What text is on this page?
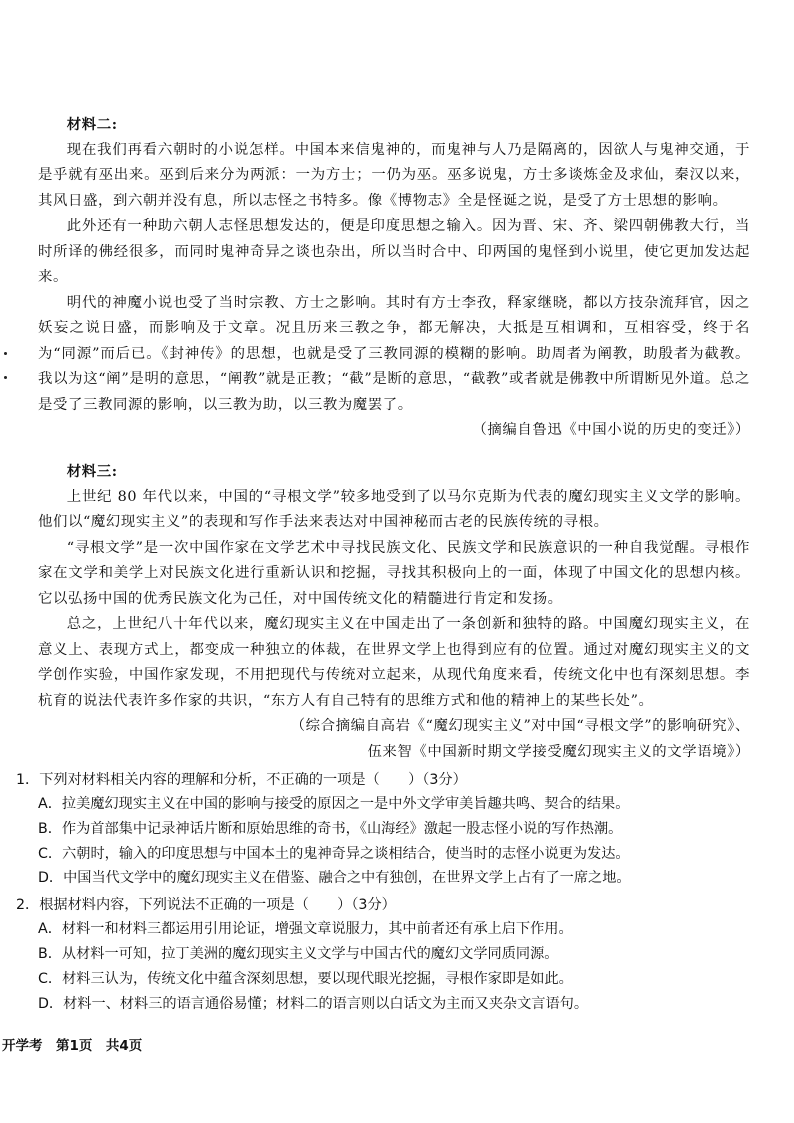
材料二:

现在我们再看六朝时的小说怎样。中国本来信鬼神的，而鬼神与人乃是隔离的，因欲人与鬼神交通，于是乎就有巫出来。巫到后来分为两派：一为方士；一仍为巫。巫多说鬼，方士多谈炼金及求仙，秦汉以来，其风日盛，到六朝并没有息，所以志怪之书特多。像《博物志》全是怪诞之说，是受了方士思想的影响。

此外还有一种助六朝人志怪思想发达的，便是印度思想之输入。因为晋、宋、齐、梁四朝佛教大行，当时所译的佛经很多，而同时鬼神奇异之谈也杂出，所以当时合中、印两国的鬼怪到小说里，使它更加发达起来。

明代的神魔小说也受了当时宗教、方士之影响。其时有方士李孜，释家继晓，都以方技杂流拜官，因之妖妄之说日盛，而影响及于文章。况且历来三教之争，都无解决，大抵是互相调和，互相容受，终于名为“同源”而后已。《封神传》的思想，也就是受了三教同源的模糊的影响。助周者为阐教，助殷者为截教。我以为这“阐”是明的意思，“阐教”就是正教；“截”是断的意思，“截教”或者就是佛教中所谓断见外道。总之是受了三教同源的影响，以三教为助，以三教为魔罢了。

（摘编自鲁迅《中国小说的历史的变迁》）

材料三:

上世纪 80 年代以来，中国的“寻根文学”较多地受到了以马尔克斯为代表的魔幻现实主义文学的影响。他们以“魔幻现实主义”的表现和写作手法来表达对中国神秘而古老的民族传统的寻根。

“寻根文学”是一次中国作家在文学艺术中寻找民族文化、民族文学和民族意识的一种自我觉醒。寻根作家在文学和美学上对民族文化进行重新认识和挖掘，寻找其积极向上的一面，体现了中国文化的思想内核。它以弘扬中国的优秀民族文化为己任，对中国传统文化的精髓进行肯定和发扬。

总之，上世纪八十年代以来，魔幻现实主义在中国走出了一条创新和独特的路。中国魔幻现实主义，在意义上、表现方式上，都变成一种独立的体裁，在世界文学上也得到应有的位置。通过对魔幻现实主义的文学创作实验，中国作家发现，不用把现代与传统对立起来，从现代角度来看，传统文化中也有深刻思想。李杭育的说法代表许多作家的共识，“东方人有自己特有的思维方式和他的精神上的某些长处”。

（综合摘编自高岩《“魔幻现实主义”对中国“寻根文学”的影响研究》、

伍来智《中国新时期文学接受魔幻现实主义的文学语境》）

1．下列对材料相关内容的理解和分析，不正确的一项是（　　）（3分）

A．拉美魔幻现实主义在中国的影响与接受的原因之一是中外文学审美旨趣共鸣、契合的结果。

B．作为首部集中记录神话片断和原始思维的奇书，《山海经》激起一股志怪小说的写作热潮。

C．六朝时，输入的印度思想与中国本土的鬼神奇异之谈相结合，使当时的志怪小说更为发达。

D．中国当代文学中的魔幻现实主义在借鉴、融合之中有独创，在世界文学上占有了一席之地。

2．根据材料内容，下列说法不正确的一项是（　　）（3分）

A．材料一和材料三都运用引用论证，增强文章说服力，其中前者还有承上启下作用。

B．从材料一可知，拉丁美洲的魔幻现实主义文学与中国古代的魔幻文学同质同源。

C．材料三认为，传统文化中蕴含深刻思想，要以现代眼光挖掘，寻根作家即是如此。

D．材料一、材料三的语言通俗易懂；材料二的语言则以白话文为主而又夹杂文言语句。

开学考　第1页　共4页
